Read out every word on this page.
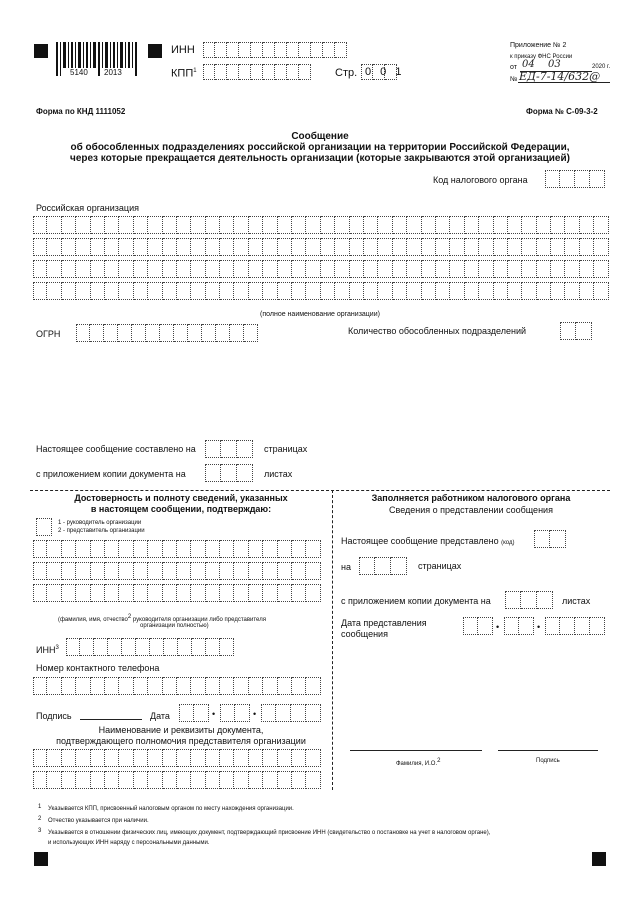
5140 2013
ИНН
КПП$^1$	Стр. 0 0 1
Приложение № 2
к приказу ФНС России
от 04 03	2020 г.
№ ЕД-7-14/632@
Форма по КНД 1111052	Форма № С-09-3-2
Сообщение
об обособленных подразделениях российской организации на территории Российской Федерации,
через которые прекращается деятельность организации (которые закрываются этой организацией)
Код налогового органа
Российская организация
(полное наименование организации)
ОГРН	Количество обособленных подразделений
Настоящее сообщение составлено на	страницах
с приложением копии документа на	листах
Достоверность и полноту сведений, указанных
в настоящем сообщении, подтверждаю:
1 - руководитель организации
2 - представитель организации
(фамилия, имя, отчество$^2$ руководителя организации либо представителя
организации полностью)
ИНН$^3$
Номер контактного телефона
Подпись	Дата	•	•
Наименование и реквизиты документа,
подтверждающего полномочия представителя организации
Заполняется работником налогового органа
Сведения о представлении сообщения
Настоящее сообщение представлено (код)
на	страницах
с приложением копии документа на	листах
Дата представления
сообщения
•	•
Фамилия, И.О.$^2$	Подпись
1 Указывается КПП, присвоенный налоговым органом по месту нахождения организации.
2 Отчество указывается при наличии.
3 Указывается в отношении физических лиц, имеющих документ, подтверждающий присвоение ИНН (свидетельство о постановке на учет в налоговом органе),
и использующих ИНН наряду с персональными данными.
